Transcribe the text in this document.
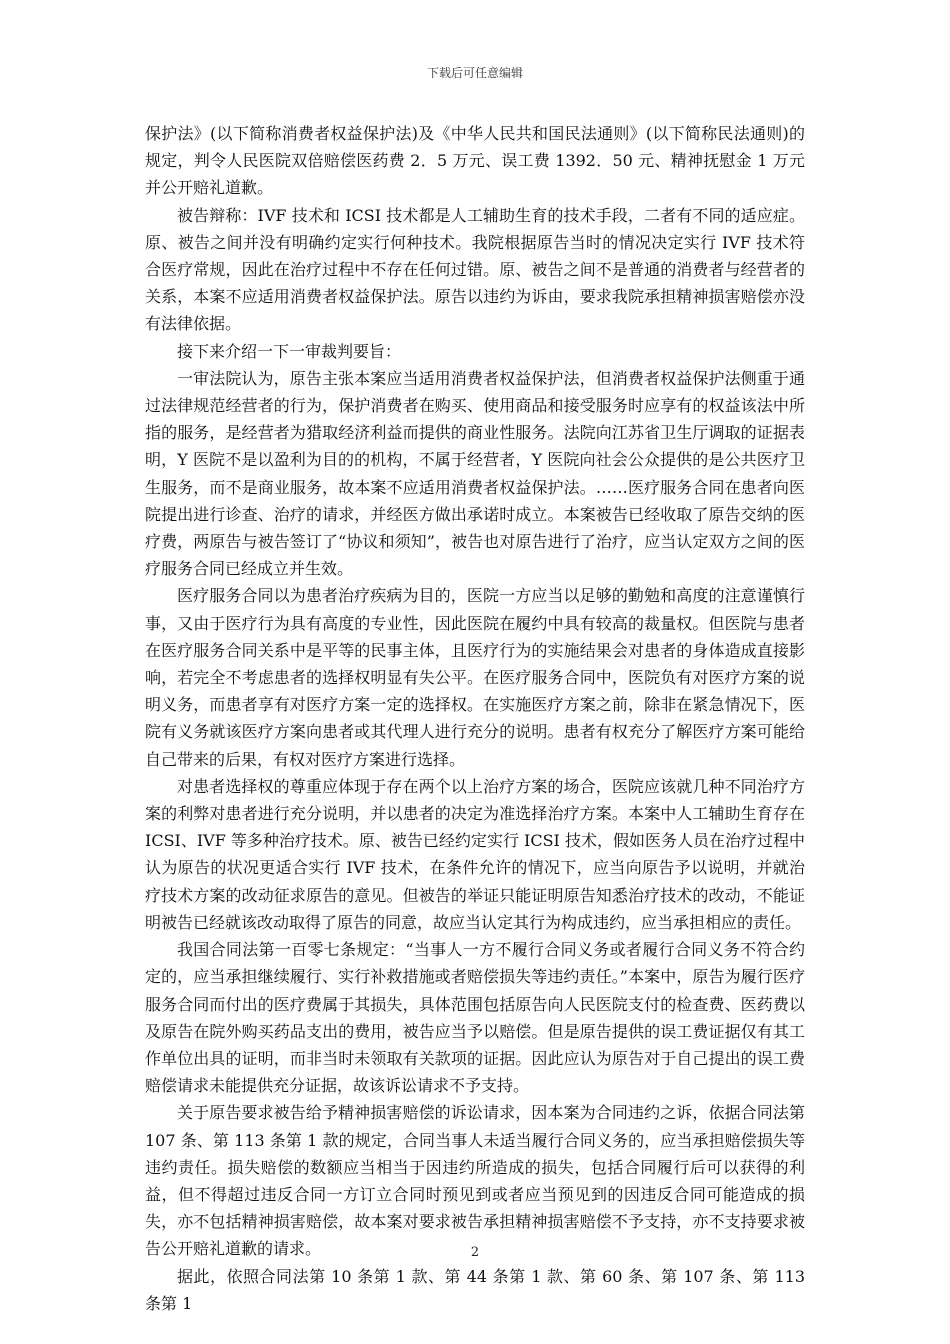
下载后可任意编辑

保护法》(以下简称消费者权益保护法)及《中华人民共和国民法通则》(以下简称民法通则)的规定，判令人民医院双倍赔偿医药费 2．5 万元、误工费 1392．50 元、精神抚慰金 1 万元并公开赔礼道歉。

被告辩称：IVF 技术和 ICSI 技术都是人工辅助生育的技术手段，二者有不同的适应症。原、被告之间并没有明确约定实行何种技术。我院根据原告当时的情况决定实行 IVF 技术符合医疗常规，因此在治疗过程中不存在任何过错。原、被告之间不是普通的消费者与经营者的关系，本案不应适用消费者权益保护法。原告以违约为诉由，要求我院承担精神损害赔偿亦没有法律依据。

接下来介绍一下一审裁判要旨：

一审法院认为，原告主张本案应当适用消费者权益保护法，但消费者权益保护法侧重于通过法律规范经营者的行为，保护消费者在购买、使用商品和接受服务时应享有的权益该法中所指的服务，是经营者为猎取经济利益而提供的商业性服务。法院向江苏省卫生厅调取的证据表明，Y 医院不是以盈利为目的的机构，不属于经营者，Y 医院向社会公众提供的是公共医疗卫生服务，而不是商业服务，故本案不应适用消费者权益保护法。……医疗服务合同在患者向医院提出进行诊查、治疗的请求，并经医方做出承诺时成立。本案被告已经收取了原告交纳的医疗费，两原告与被告签订了“协议和须知”，被告也对原告进行了治疗，应当认定双方之间的医疗服务合同已经成立并生效。

医疗服务合同以为患者治疗疾病为目的，医院一方应当以足够的勤勉和高度的注意谨慎行事，又由于医疗行为具有高度的专业性，因此医院在履约中具有较高的裁量权。但医院与患者在医疗服务合同关系中是平等的民事主体，且医疗行为的实施结果会对患者的身体造成直接影响，若完全不考虑患者的选择权明显有失公平。在医疗服务合同中，医院负有对医疗方案的说明义务，而患者享有对医疗方案一定的选择权。在实施医疗方案之前，除非在紧急情况下，医院有义务就该医疗方案向患者或其代理人进行充分的说明。患者有权充分了解医疗方案可能给自己带来的后果，有权对医疗方案进行选择。

对患者选择权的尊重应体现于存在两个以上治疗方案的场合，医院应该就几种不同治疗方案的利弊对患者进行充分说明，并以患者的决定为准选择治疗方案。本案中人工辅助生育存在 ICSI、IVF 等多种治疗技术。原、被告已经约定实行 ICSI 技术，假如医务人员在治疗过程中认为原告的状况更适合实行 IVF 技术，在条件允许的情况下，应当向原告予以说明，并就治疗技术方案的改动征求原告的意见。但被告的举证只能证明原告知悉治疗技术的改动，不能证明被告已经就该改动取得了原告的同意，故应当认定其行为构成违约，应当承担相应的责任。

我国合同法第一百零七条规定：“当事人一方不履行合同义务或者履行合同义务不符合约定的，应当承担继续履行、实行补救措施或者赔偿损失等违约责任。”本案中，原告为履行医疗服务合同而付出的医疗费属于其损失，具体范围包括原告向人民医院支付的检查费、医药费以及原告在院外购买药品支出的费用，被告应当予以赔偿。但是原告提供的误工费证据仅有其工作单位出具的证明，而非当时未领取有关款项的证据。因此应认为原告对于自己提出的误工费赔偿请求未能提供充分证据，故该诉讼请求不予支持。

关于原告要求被告给予精神损害赔偿的诉讼请求，因本案为合同违约之诉，依据合同法第 107 条、第 113 条第 1 款的规定，合同当事人未适当履行合同义务的，应当承担赔偿损失等违约责任。损失赔偿的数额应当相当于因违约所造成的损失，包括合同履行后可以获得的利益，但不得超过违反合同一方订立合同时预见到或者应当预见到的因违反合同可能造成的损失，亦不包括精神损害赔偿，故本案对要求被告承担精神损害赔偿不予支持，亦不支持要求被告公开赔礼道歉的请求。

据此，依照合同法第 10 条第 1 款、第 44 条第 1 款、第 60 条、第 107 条、第 113 条第 1

2
